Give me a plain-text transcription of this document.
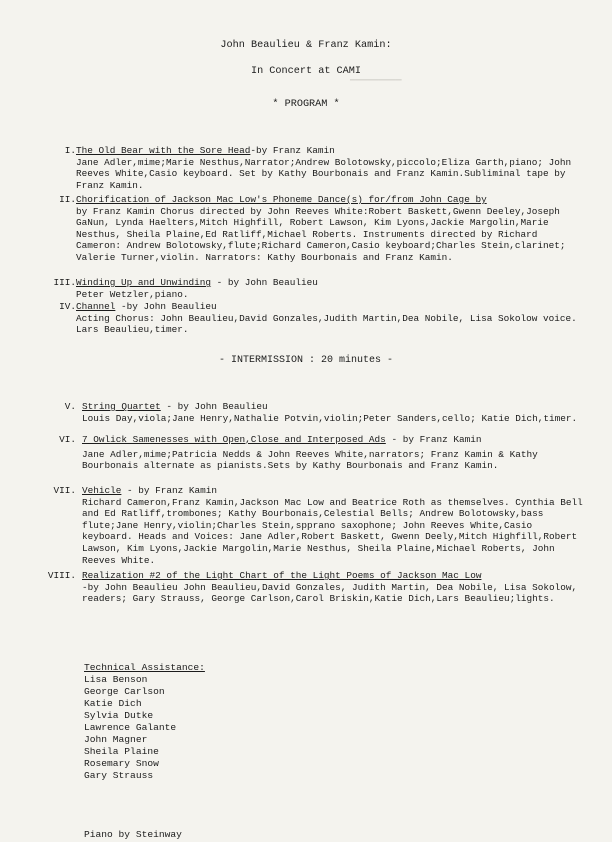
▔▔▔▔▔▔▔▔▔
John Beaulieu & Franz Kamin:
In Concert at CAMI
* PROGRAM *
I. The Old Bear with the Sore Head-by Franz Kamin
Jane Adler,mime;Marie Nesthus,Narrator;Andrew Bolotowsky,piccolo;Eliza Garth,piano; John Reeves White,Casio keyboard. Set by Kathy Bourbonais and Franz Kamin.Subliminal tape by Franz Kamin.
II. Chorification of Jackson Mac Low's Phoneme Dance(s) for/from John Cage by
by Franz Kamin Chorus directed by John Reeves White:Robert Baskett,Gwenn Deeley,Joseph GaNun, Lynda Haelters,Mitch Highfill, Robert Lawson, Kim Lyons,Jackie Margolin,Marie Nesthus, Sheila Plaine,Ed Ratliff,Michael Roberts. Instruments directed by Richard Cameron: Andrew Bolotowsky,flute;Richard Cameron,Casio keyboard;Charles Stein,clarinet; Valerie Turner,violin. Narrators: Kathy Bourbonais and Franz Kamin.
III. Winding Up and Unwinding - by John Beaulieu
Peter Wetzler,piano.
IV. Channel -by John Beaulieu
Acting Chorus: John Beaulieu,David Gonzales,Judith Martin,Dea Nobile, Lisa Sokolow voice. Lars Beaulieu,timer.
- INTERMISSION : 20 minutes -
V. String Quartet - by John Beaulieu
Louis Day,viola;Jane Henry,Nathalie Potvin,violin;Peter Sanders,cello; Katie Dich,timer.
VI. 7 Owlick Samenesses with Open,Close and Interposed Ads - by Franz Kamin
Jane Adler,mime;Patricia Nedds & John Reeves White,narrators; Franz Kamin & Kathy Bourbonais alternate as pianists.Sets by Kathy Bourbonais and Franz Kamin.
VII. Vehicle - by Franz Kamin
Richard Cameron,Franz Kamin,Jackson Mac Low and Beatrice Roth as themselves. Cynthia Bell and Ed Ratliff,trombones; Kathy Bourbonais,Celestial Bells; Andrew Bolotowsky,bass flute;Jane Henry,violin;Charles Stein,spprano saxophone; John Reeves White,Casio keyboard. Heads and Voices: Jane Adler,Robert Baskett, Gwenn Deely,Mitch Highfill,Robert Lawson, Kim Lyons,Jackie Margolin,Marie Nesthus, Sheila Plaine,Michael Roberts, John Reeves White.
VIII. Realization #2 of the Light Chart of the Light Poems of Jackson Mac Low
-by John Beaulieu John Beaulieu,David Gonzales, Judith Martin, Dea Nobile, Lisa Sokolow, readers; Gary Strauss, George Carlson,Carol Briskin,Katie Dich,Lars Beaulieu;lights.
Technical Assistance:
Lisa Benson
George Carlson
Katie Dich
Sylvia Dutke
Lawrence Galante
John Magner
Sheila Plaine
Rosemary Snow
Gary Strauss
Piano by Steinway
